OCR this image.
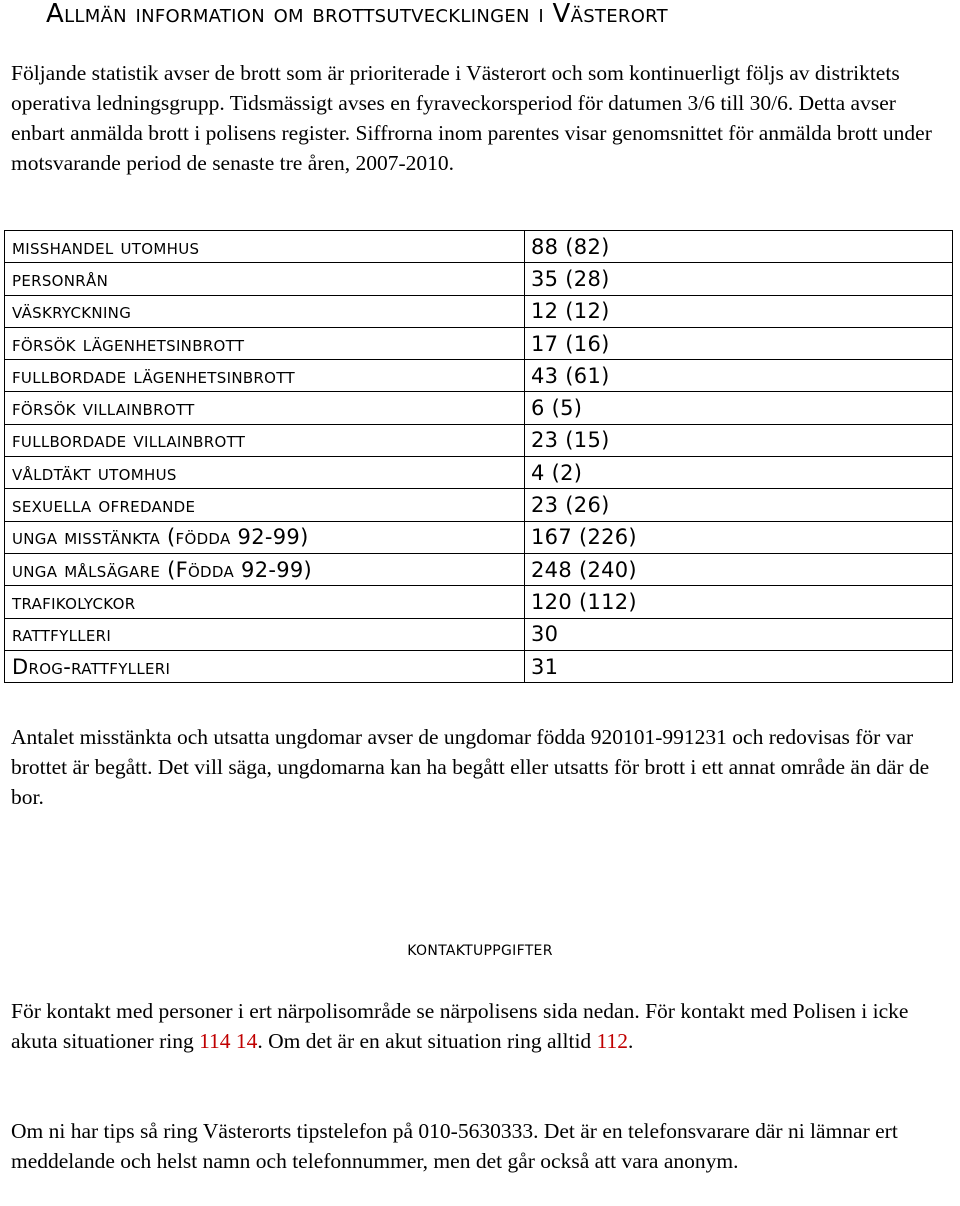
Allmän information om brottsutvecklingen i Västerort

Följande statistik avser de brott som är prioriterade i Västerort och som kontinuerligt följs av distriktets operativa ledningsgrupp. Tidsmässigt avses en fyraveckorsperiod för datumen 3/6 till 30/6. Detta avser enbart anmälda brott i polisens register. Siffrorna inom parentes visar genomsnittet för anmälda brott under motsvarande period de senaste tre åren, 2007-2010.

misshandel utomhus	88 (82)
personrån	35 (28)
väskryckning	12 (12)
försök lägenhetsinbrott	17 (16)
fullbordade lägenhetsinbrott	43 (61)
försök villainbrott	6 (5)
fullbordade villainbrott	23 (15)
våldtäkt utomhus	4 (2)
sexuella ofredande	23 (26)
unga misstänkta (födda 92-99)	167 (226)
unga målsägare (Födda 92-99)	248 (240)
trafikolyckor	120 (112)
rattfylleri	30
Drog-rattfylleri	31

Antalet misstänkta och utsatta ungdomar avser de ungdomar födda 920101-991231 och redovisas för var brottet är begått. Det vill säga, ungdomarna kan ha begått eller utsatts för brott i ett annat område än där de bor.

kontaktuppgifter

För kontakt med personer i ert närpolisområde se närpolisens sida nedan. För kontakt med Polisen i icke akuta situationer ring 114 14. Om det är en akut situation ring alltid 112.

Om ni har tips så ring Västerorts tipstelefon på 010-5630333. Det är en telefonsvarare där ni lämnar ert meddelande och helst namn och telefonnummer, men det går också att vara anonym.
